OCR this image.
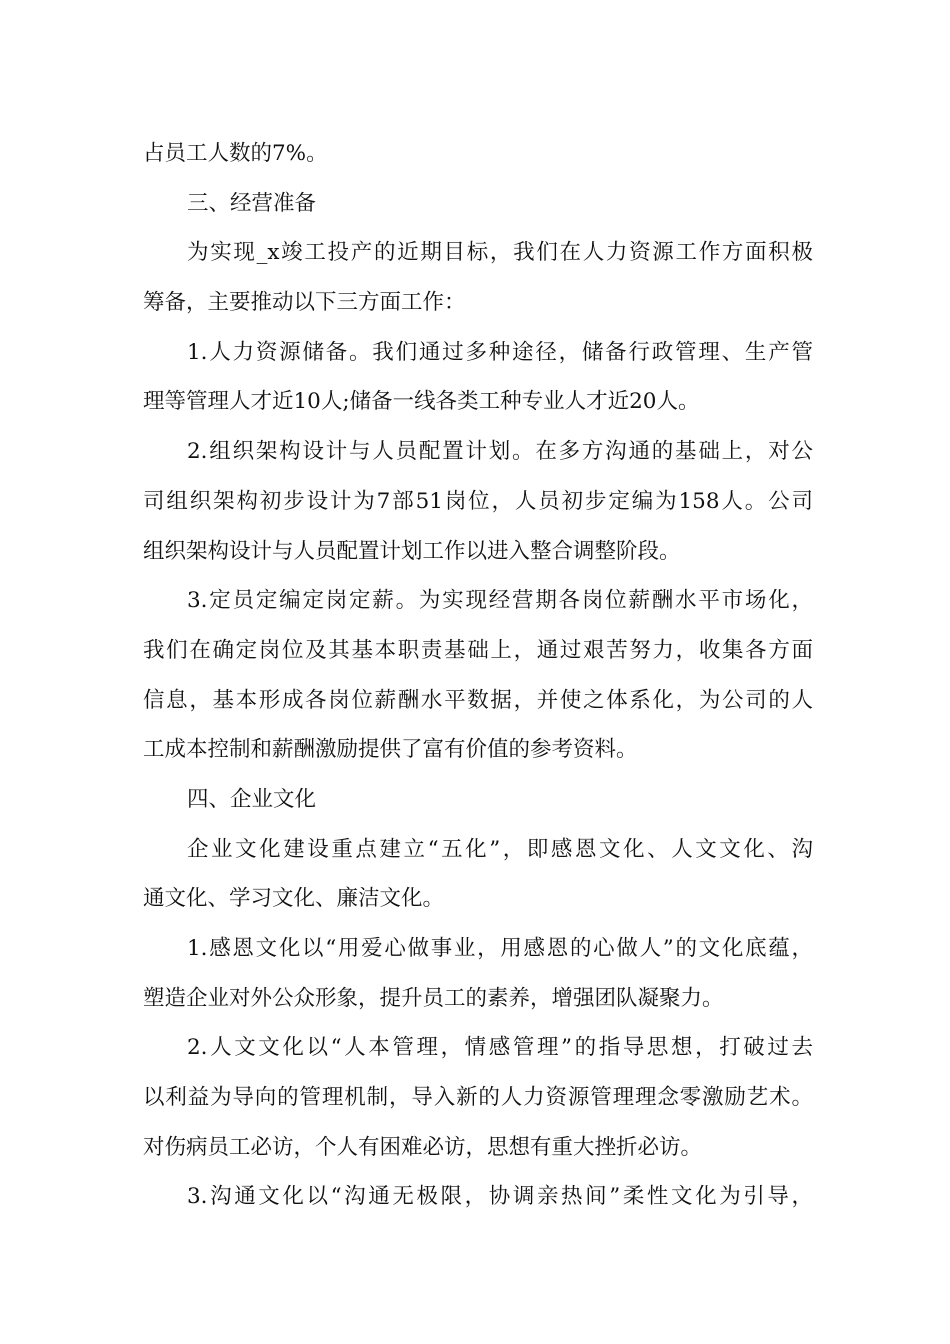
占员工人数的7%。
三、经营准备
为实现_x竣工投产的近期目标，我们在人力资源工作方面积极
筹备，主要推动以下三方面工作：
1.人力资源储备。我们通过多种途径，储备行政管理、生产管
理等管理人才近10人;储备一线各类工种专业人才近20人。
2.组织架构设计与人员配置计划。在多方沟通的基础上，对公
司组织架构初步设计为7部51岗位，人员初步定编为158人。公司
组织架构设计与人员配置计划工作以进入整合调整阶段。
3.定员定编定岗定薪。为实现经营期各岗位薪酬水平市场化，
我们在确定岗位及其基本职责基础上，通过艰苦努力，收集各方面
信息，基本形成各岗位薪酬水平数据，并使之体系化，为公司的人
工成本控制和薪酬激励提供了富有价值的参考资料。
四、企业文化
企业文化建设重点建立“五化”，即感恩文化、人文文化、沟
通文化、学习文化、廉洁文化。
1.感恩文化以“用爱心做事业，用感恩的心做人”的文化底蕴，
塑造企业对外公众形象，提升员工的素养，增强团队凝聚力。
2.人文文化以“人本管理，情感管理”的指导思想，打破过去
以利益为导向的管理机制，导入新的人力资源管理理念零激励艺术。
对伤病员工必访，个人有困难必访，思想有重大挫折必访。
3.沟通文化以“沟通无极限，协调亲热间”柔性文化为引导，
